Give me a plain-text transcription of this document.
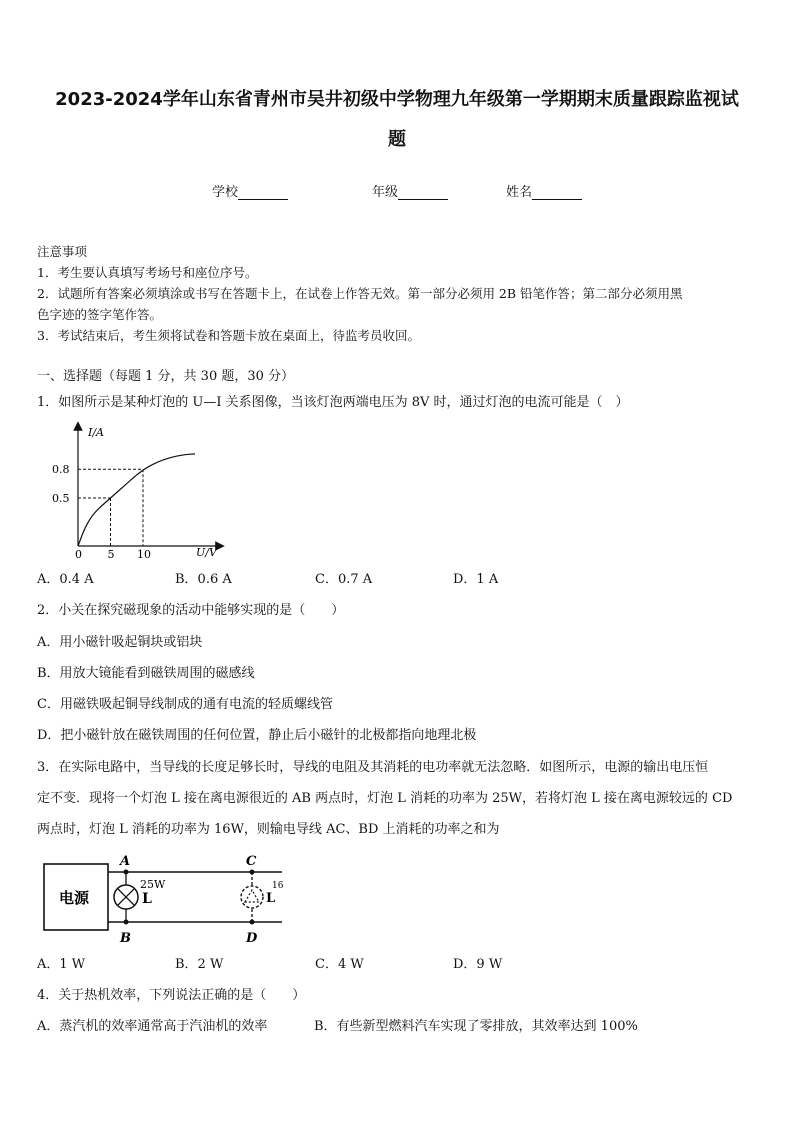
2023-2024学年山东省青州市吴井初级中学物理九年级第一学期期末质量跟踪监视试
题
学校	年级	姓名
注意事项
1．考生要认真填写考场号和座位序号。
2．试题所有答案必须填涂或书写在答题卡上，在试卷上作答无效。第一部分必须用 2B 铅笔作答；第二部分必须用黑
色字迹的签字笔作答。
3．考试结束后，考生须将试卷和答题卡放在桌面上，待监考员收回。
一、选择题（每题 1 分，共 30 题，30 分）
1．如图所示是某种灯泡的 U—I 关系图像，当该灯泡两端电压为 8V 时，通过灯泡的电流可能是（　）
I/A
U/V
0 5 10
0.5
0.8
A．0.4 A	B．0.6 A	C．0.7 A	D．1 A
2．小关在探究磁现象的活动中能够实现的是（　　）
A．用小磁针吸起铜块或铝块
B．用放大镜能看到磁铁周围的磁感线
C．用磁铁吸起铜导线制成的通有电流的轻质螺线管
D．把小磁针放在磁铁周围的任何位置，静止后小磁针的北极都指向地理北极
3．在实际电路中，当导线的长度足够长时，导线的电阻及其消耗的电功率就无法忽略．如图所示，电源的输出电压恒
定不变．现将一个灯泡 L 接在离电源很近的 AB 两点时，灯泡 L 消耗的功率为 25W，若将灯泡 L 接在离电源较远的 CD
两点时，灯泡 L 消耗的功率为 16W，则输电导线 AC、BD 上消耗的功率之和为
电源	L
25W
A
B
L
16
C
D
A．1 W	B．2 W	C．4 W	D．9 W
4．关于热机效率，下列说法正确的是（　　）
A．蒸汽机的效率通常高于汽油机的效率	B．有些新型燃料汽车实现了零排放，其效率达到 100%
